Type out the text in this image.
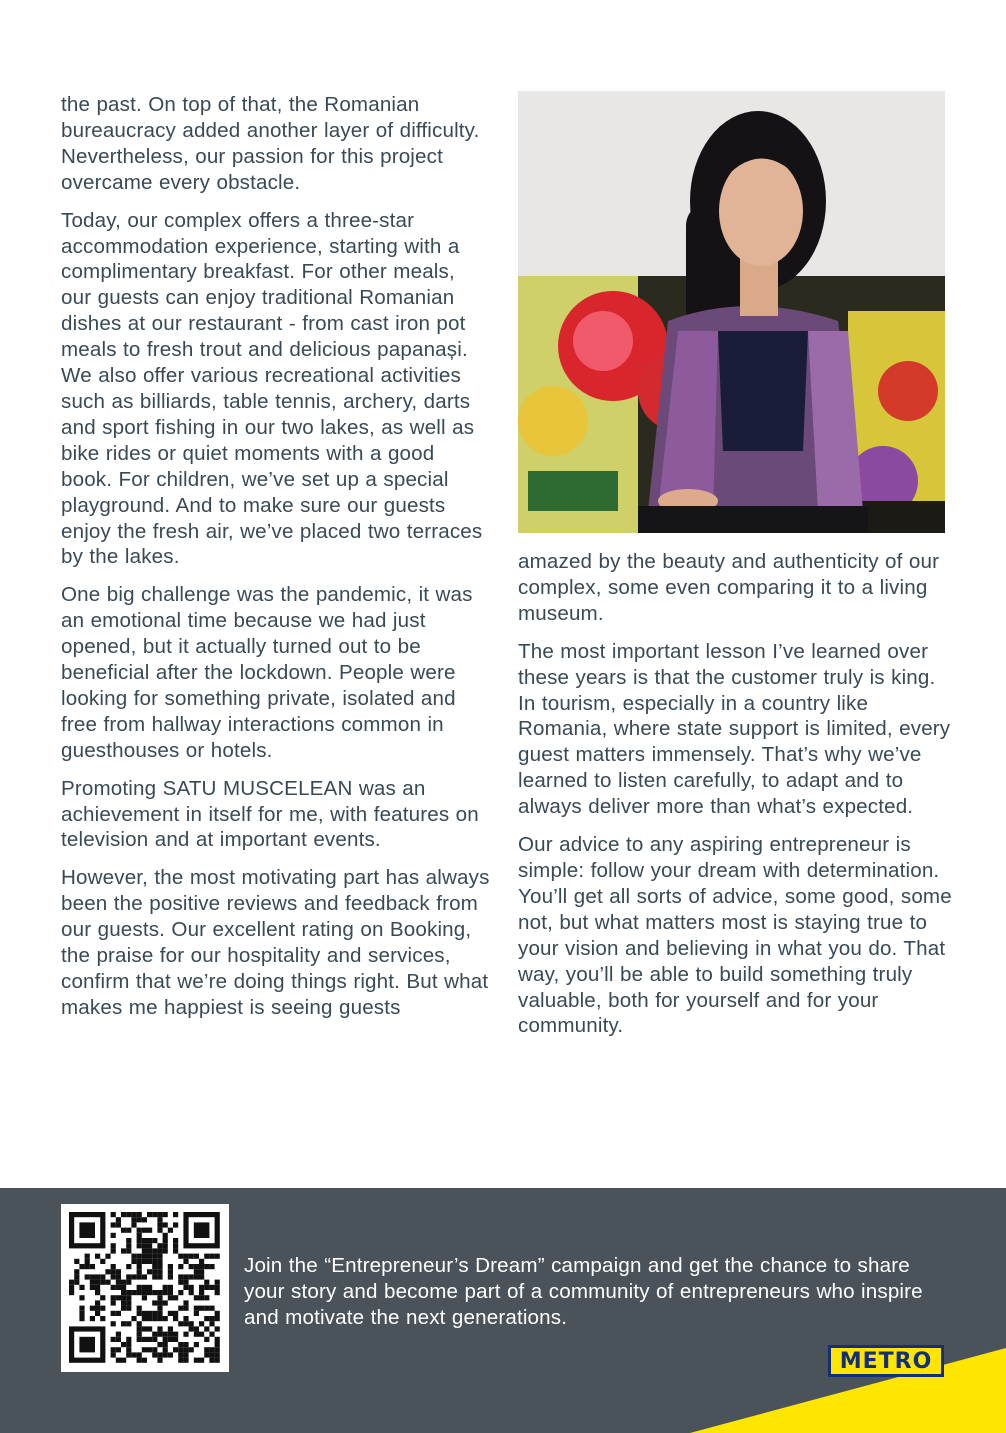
the past. On top of that, the Romanian bureaucracy added another layer of difficulty. Nevertheless, our passion for this project overcame every obstacle.

Today, our complex offers a three-star accommodation experience, starting with a complimentary breakfast. For other meals, our guests can enjoy traditional Romanian dishes at our restaurant - from cast iron pot meals to fresh trout and delicious papanași. We also offer various recreational activities such as billiards, table tennis, archery, darts and sport fishing in our two lakes, as well as bike rides or quiet moments with a good book. For children, we’ve set up a special playground. And to make sure our guests enjoy the fresh air, we’ve placed two terraces by the lakes.

One big challenge was the pandemic, it was an emotional time because we had just opened, but it actually turned out to be beneficial after the lockdown. People were looking for something private, isolated and free from hallway interactions common in guesthouses or hotels.

Promoting SATU MUSCELEAN was an achievement in itself for me, with features on television and at important events.

However, the most motivating part has always been the positive reviews and feedback from our guests. Our excellent rating on Booking, the praise for our hospitality and services, confirm that we’re doing things right. But what makes me happiest is seeing guests

amazed by the beauty and authenticity of our complex, some even comparing it to a living museum.

The most important lesson I’ve learned over these years is that the customer truly is king. In tourism, especially in a country like Romania, where state support is limited, every guest matters immensely. That’s why we’ve learned to listen carefully, to adapt and to always deliver more than what’s expected.

Our advice to any aspiring entrepreneur is simple: follow your dream with determination. You’ll get all sorts of advice, some good, some not, but what matters most is staying true to your vision and believing in what you do. That way, you’ll be able to build something truly valuable, both for yourself and for your community.

Join the “Entrepreneur’s Dream” campaign and get the chance to share your story and become part of a community of entrepreneurs who inspire and motivate the next generations.
METRO
